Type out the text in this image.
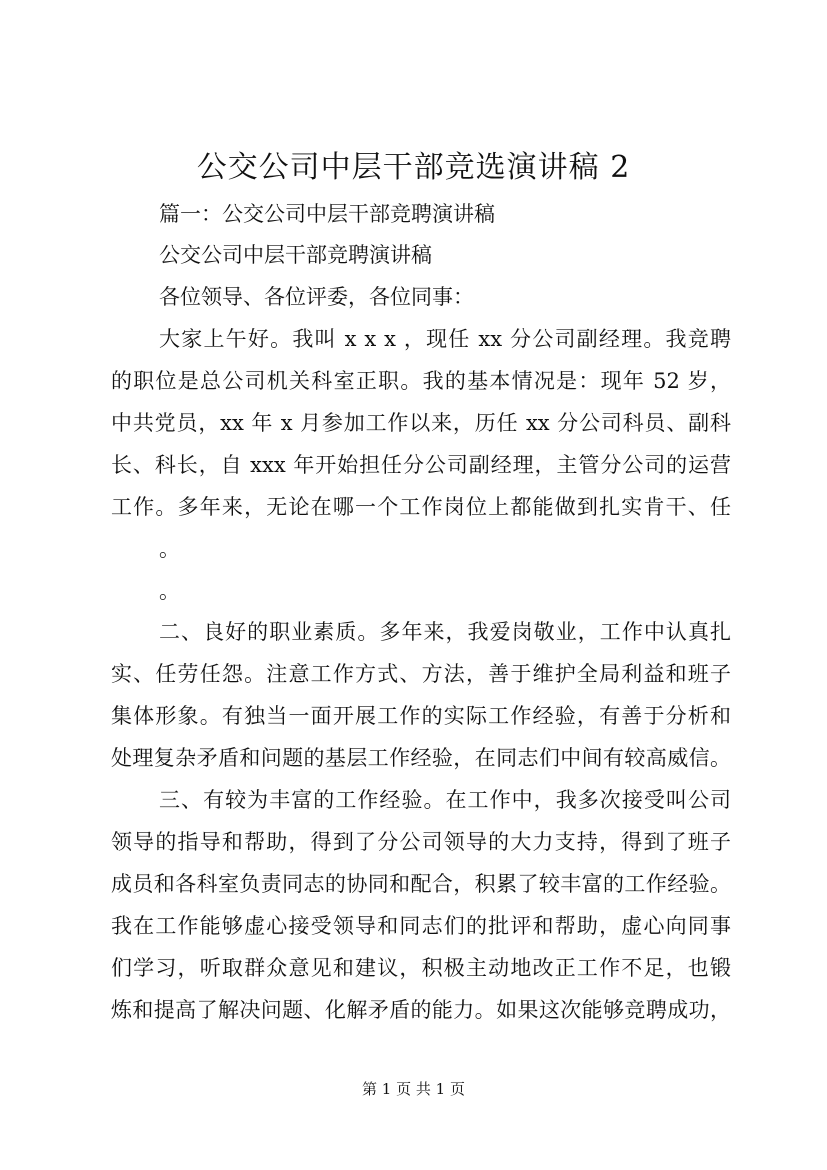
公交公司中层干部竞选演讲稿 2
篇一：公交公司中层干部竞聘演讲稿
公交公司中层干部竞聘演讲稿
各位领导、各位评委，各位同事：
大家上午好。我叫 x x x ，现任 xx 分公司副经理。我竞聘
的职位是总公司机关科室正职。我的基本情况是：现年 52 岁，
中共党员，xx 年 x 月参加工作以来，历任 xx 分公司科员、副科
长、科长，自 xxx 年开始担任分公司副经理，主管分公司的运营
工作。多年来，无论在哪一个工作岗位上都能做到扎实肯干、任
。
。
二、良好的职业素质。多年来，我爱岗敬业，工作中认真扎
实、任劳任怨。注意工作方式、方法，善于维护全局利益和班子
集体形象。有独当一面开展工作的实际工作经验，有善于分析和
处理复杂矛盾和问题的基层工作经验，在同志们中间有较高威信。
三、有较为丰富的工作经验。在工作中，我多次接受叫公司
领导的指导和帮助，得到了分公司领导的大力支持，得到了班子
成员和各科室负责同志的协同和配合，积累了较丰富的工作经验。
我在工作能够虚心接受领导和同志们的批评和帮助，虚心向同事
们学习，听取群众意见和建议，积极主动地改正工作不足，也锻
炼和提高了解决问题、化解矛盾的能力。如果这次能够竞聘成功，
第 1 页 共 1 页
